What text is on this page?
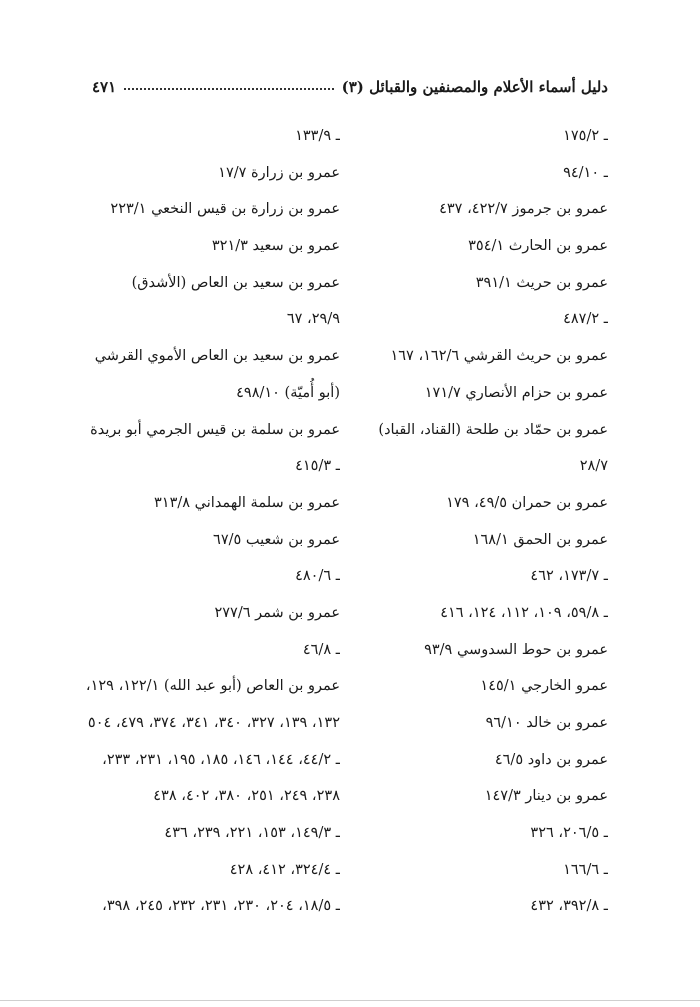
دليل أسماء الأعلام والمصنفين والقبائل (٣)
٤٧١
ـ ١٧٥/٢
ـ ٩٤/١٠
عمرو بن جرموز ٤٢٢/٧، ٤٣٧
عمرو بن الحارث ٣٥٤/١
عمرو بن حريث ٣٩١/١
ـ ٤٨٧/٢
عمرو بن حريث القرشي ١٦٢/٦، ١٦٧
عمرو بن حزام الأنصاري ١٧١/٧
عمرو بن حمّاد بن طلحة (القناد، القباد)
٢٨/٧
عمرو بن حمران ٤٩/٥، ١٧٩
عمرو بن الحمق ١٦٨/١
ـ ١٧٣/٧، ٤٦٢
ـ ٥٩/٨، ١٠٩، ١١٢، ١٢٤، ٤١٦
عمرو بن حوط السدوسي ٩٣/٩
عمرو الخارجي ١٤٥/١
عمرو بن خالد ٩٦/١٠
عمرو بن داود ٤٦/٥
عمرو بن دينار ١٤٧/٣
ـ ٢٠٦/٥، ٣٢٦
ـ ١٦٦/٦
ـ ٣٩٢/٨، ٤٣٢
ـ ١٣٣/٩
عمرو بن زرارة ١٧/٧
عمرو بن زرارة بن قيس النخعي ٢٢٣/١
عمرو بن سعيد ٣٢١/٣
عمرو بن سعيد بن العاص (الأشدق)
٢٩/٩، ٦٧
عمرو بن سعيد بن العاص الأموي القرشي
(أبو أُميّة) ٤٩٨/١٠
عمرو بن سلمة بن قيس الجرمي أبو بريدة
ـ ٤١٥/٣
عمرو بن سلمة الهمداني ٣١٣/٨
عمرو بن شعيب ٦٧/٥
ـ ٤٨٠/٦
عمرو بن شمر ٢٧٧/٦
ـ ٤٦/٨
عمرو بن العاص (أبو عبد الله) ١٢٢/١، ١٢٩،
١٣٢، ١٣٩، ٣٢٧، ٣٤٠، ٣٤١، ٣٧٤، ٤٧٩، ٥٠٤
ـ ٤٤/٢، ١٤٤، ١٤٦، ١٨٥، ١٩٥، ٢٣١، ٢٣٣،
٢٣٨، ٢٤٩، ٢٥١، ٣٨٠، ٤٠٢، ٤٣٨
ـ ١٤٩/٣، ١٥٣، ٢٢١، ٢٣٩، ٤٣٦
ـ ٣٢٤/٤، ٤١٢، ٤٢٨
ـ ١٨/٥، ٢٠٤، ٢٣٠، ٢٣١، ٢٣٢، ٢٤٥، ٣٩٨،
